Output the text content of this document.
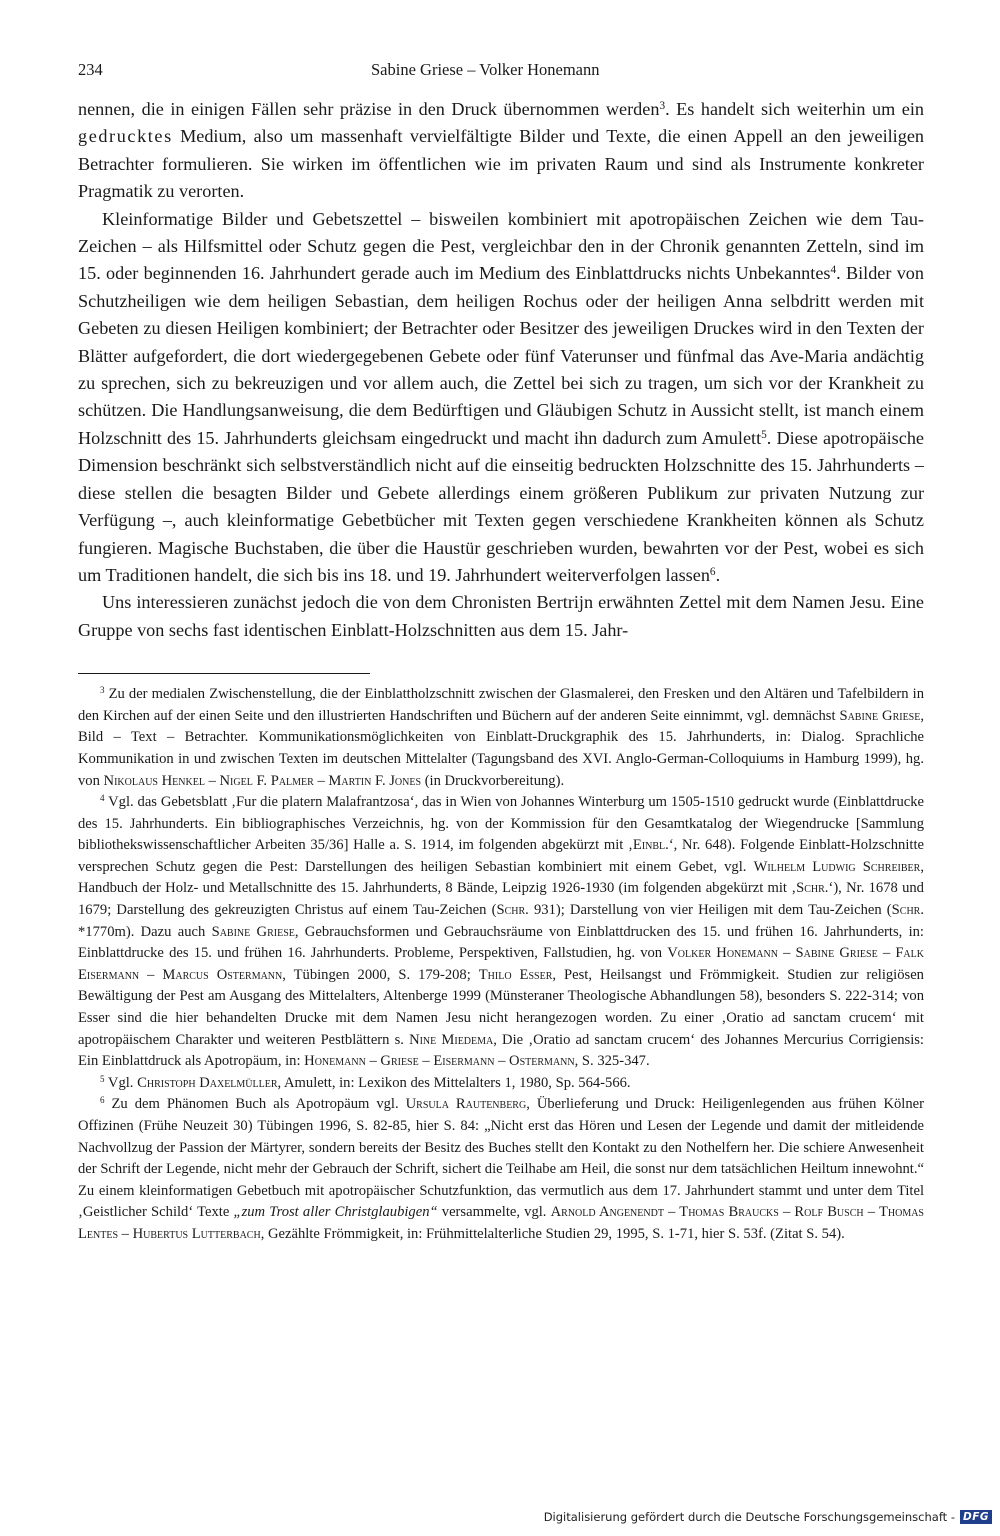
234	Sabine Griese – Volker Honemann

nennen, die in einigen Fällen sehr präzise in den Druck übernommen werden$^3$. Es handelt sich weiterhin um ein gedrucktes Medium, also um massenhaft vervielfältigte Bilder und Texte, die einen Appell an den jeweiligen Betrachter formulieren. Sie wirken im öffentlichen wie im privaten Raum und sind als Instrumente konkreter Pragmatik zu verorten.

Kleinformatige Bilder und Gebetszettel – bisweilen kombiniert mit apotropäischen Zeichen wie dem Tau-Zeichen – als Hilfsmittel oder Schutz gegen die Pest, vergleichbar den in der Chronik genannten Zetteln, sind im 15. oder beginnenden 16. Jahrhundert gerade auch im Medium des Einblattdrucks nichts Unbekanntes$^4$. Bilder von Schutzheiligen wie dem heiligen Sebastian, dem heiligen Rochus oder der heiligen Anna selbdritt werden mit Gebeten zu diesen Heiligen kombiniert; der Betrachter oder Besitzer des jeweiligen Druckes wird in den Texten der Blätter aufgefordert, die dort wiedergegebenen Gebete oder fünf Vaterunser und fünfmal das Ave-Maria andächtig zu sprechen, sich zu bekreuzigen und vor allem auch, die Zettel bei sich zu tragen, um sich vor der Krankheit zu schützen. Die Handlungsanweisung, die dem Bedürftigen und Gläubigen Schutz in Aussicht stellt, ist manch einem Holzschnitt des 15. Jahrhunderts gleichsam eingedruckt und macht ihn dadurch zum Amulett$^5$. Diese apotropäische Dimension beschränkt sich selbstverständlich nicht auf die einseitig bedruckten Holzschnitte des 15. Jahrhunderts – diese stellen die besagten Bilder und Gebete allerdings einem größeren Publikum zur privaten Nutzung zur Verfügung –, auch kleinformatige Gebetbücher mit Texten gegen verschiedene Krankheiten können als Schutz fungieren. Magische Buchstaben, die über die Haustür geschrieben wurden, bewahrten vor der Pest, wobei es sich um Traditionen handelt, die sich bis ins 18. und 19. Jahrhundert weiterverfolgen lassen$^6$.

Uns interessieren zunächst jedoch die von dem Chronisten Bertrijn erwähnten Zettel mit dem Namen Jesu. Eine Gruppe von sechs fast identischen Einblatt-Holzschnitten aus dem 15. Jahr-

$^3$ Zu der medialen Zwischenstellung, die der Einblattholzschnitt zwischen der Glasmalerei, den Fresken und den Altären und Tafelbildern in den Kirchen auf der einen Seite und den illustrierten Handschriften und Büchern auf der anderen Seite einnimmt, vgl. demnächst Sabine Griese, Bild – Text – Betrachter. Kommunikationsmöglichkeiten von Einblatt-Druckgraphik des 15. Jahrhunderts, in: Dialog. Sprachliche Kommunikation in und zwischen Texten im deutschen Mittelalter (Tagungsband des XVI. Anglo-German-Colloquiums in Hamburg 1999), hg. von Nikolaus Henkel – Nigel F. Palmer – Martin F. Jones (in Druckvorbereitung).

$^4$ Vgl. das Gebetsblatt ‚Fur die platern Malafrantzosa‘, das in Wien von Johannes Winterburg um 1505-1510 gedruckt wurde (Einblattdrucke des 15. Jahrhunderts. Ein bibliographisches Verzeichnis, hg. von der Kommission für den Gesamtkatalog der Wiegendrucke [Sammlung bibliothekswissenschaftlicher Arbeiten 35/36] Halle a. S. 1914, im folgenden abgekürzt mit ‚Einbl.‘, Nr. 648). Folgende Einblatt-Holzschnitte versprechen Schutz gegen die Pest: Darstellungen des heiligen Sebastian kombiniert mit einem Gebet, vgl. Wilhelm Ludwig Schreiber, Handbuch der Holz- und Metallschnitte des 15. Jahrhunderts, 8 Bände, Leipzig 1926-1930 (im folgenden abgekürzt mit ‚Schr.‘), Nr. 1678 und 1679; Darstellung des gekreuzigten Christus auf einem Tau-Zeichen (Schr. 931); Darstellung von vier Heiligen mit dem Tau-Zeichen (Schr. *1770m). Dazu auch Sabine Griese, Gebrauchsformen und Gebrauchsräume von Einblattdrucken des 15. und frühen 16. Jahrhunderts, in: Einblattdrucke des 15. und frühen 16. Jahrhunderts. Probleme, Perspektiven, Fallstudien, hg. von Volker Honemann – Sabine Griese – Falk Eisermann – Marcus Ostermann, Tübingen 2000, S. 179-208; Thilo Esser, Pest, Heilsangst und Frömmigkeit. Studien zur religiösen Bewältigung der Pest am Ausgang des Mittelalters, Altenberge 1999 (Münsteraner Theologische Abhandlungen 58), besonders S. 222-314; von Esser sind die hier behandelten Drucke mit dem Namen Jesu nicht herangezogen worden. Zu einer ‚Oratio ad sanctam crucem‘ mit apotropäischem Charakter und weiteren Pestblättern s. Nine Miedema, Die ‚Oratio ad sanctam crucem‘ des Johannes Mercurius Corrigiensis: Ein Einblattdruck als Apotropäum, in: Honemann – Griese – Eisermann – Ostermann, S. 325-347.

$^5$ Vgl. Christoph Daxelmüller, Amulett, in: Lexikon des Mittelalters 1, 1980, Sp. 564-566.

$^6$ Zu dem Phänomen Buch als Apotropäum vgl. Ursula Rautenberg, Überlieferung und Druck: Heiligenlegenden aus frühen Kölner Offizinen (Frühe Neuzeit 30) Tübingen 1996, S. 82-85, hier S. 84: „Nicht erst das Hören und Lesen der Legende und damit der mitleidende Nachvollzug der Passion der Märtyrer, sondern bereits der Besitz des Buches stellt den Kontakt zu den Nothelfern her. Die schiere Anwesenheit der Schrift der Legende, nicht mehr der Gebrauch der Schrift, sichert die Teilhabe am Heil, die sonst nur dem tatsächlichen Heiltum innewohnt.“ Zu einem kleinformatigen Gebetbuch mit apotropäischer Schutzfunktion, das vermutlich aus dem 17. Jahrhundert stammt und unter dem Titel ‚Geistlicher Schild‘ Texte „zum Trost aller Christglaubigen“ versammelte, vgl. Arnold Angenendt – Thomas Braucks – Rolf Busch – Thomas Lentes – Hubertus Lutterbach, Gezählte Frömmigkeit, in: Frühmittelalterliche Studien 29, 1995, S. 1-71, hier S. 53f. (Zitat S. 54).

Digitalisierung gefördert durch die Deutsche Forschungsgemeinschaft - DFG
